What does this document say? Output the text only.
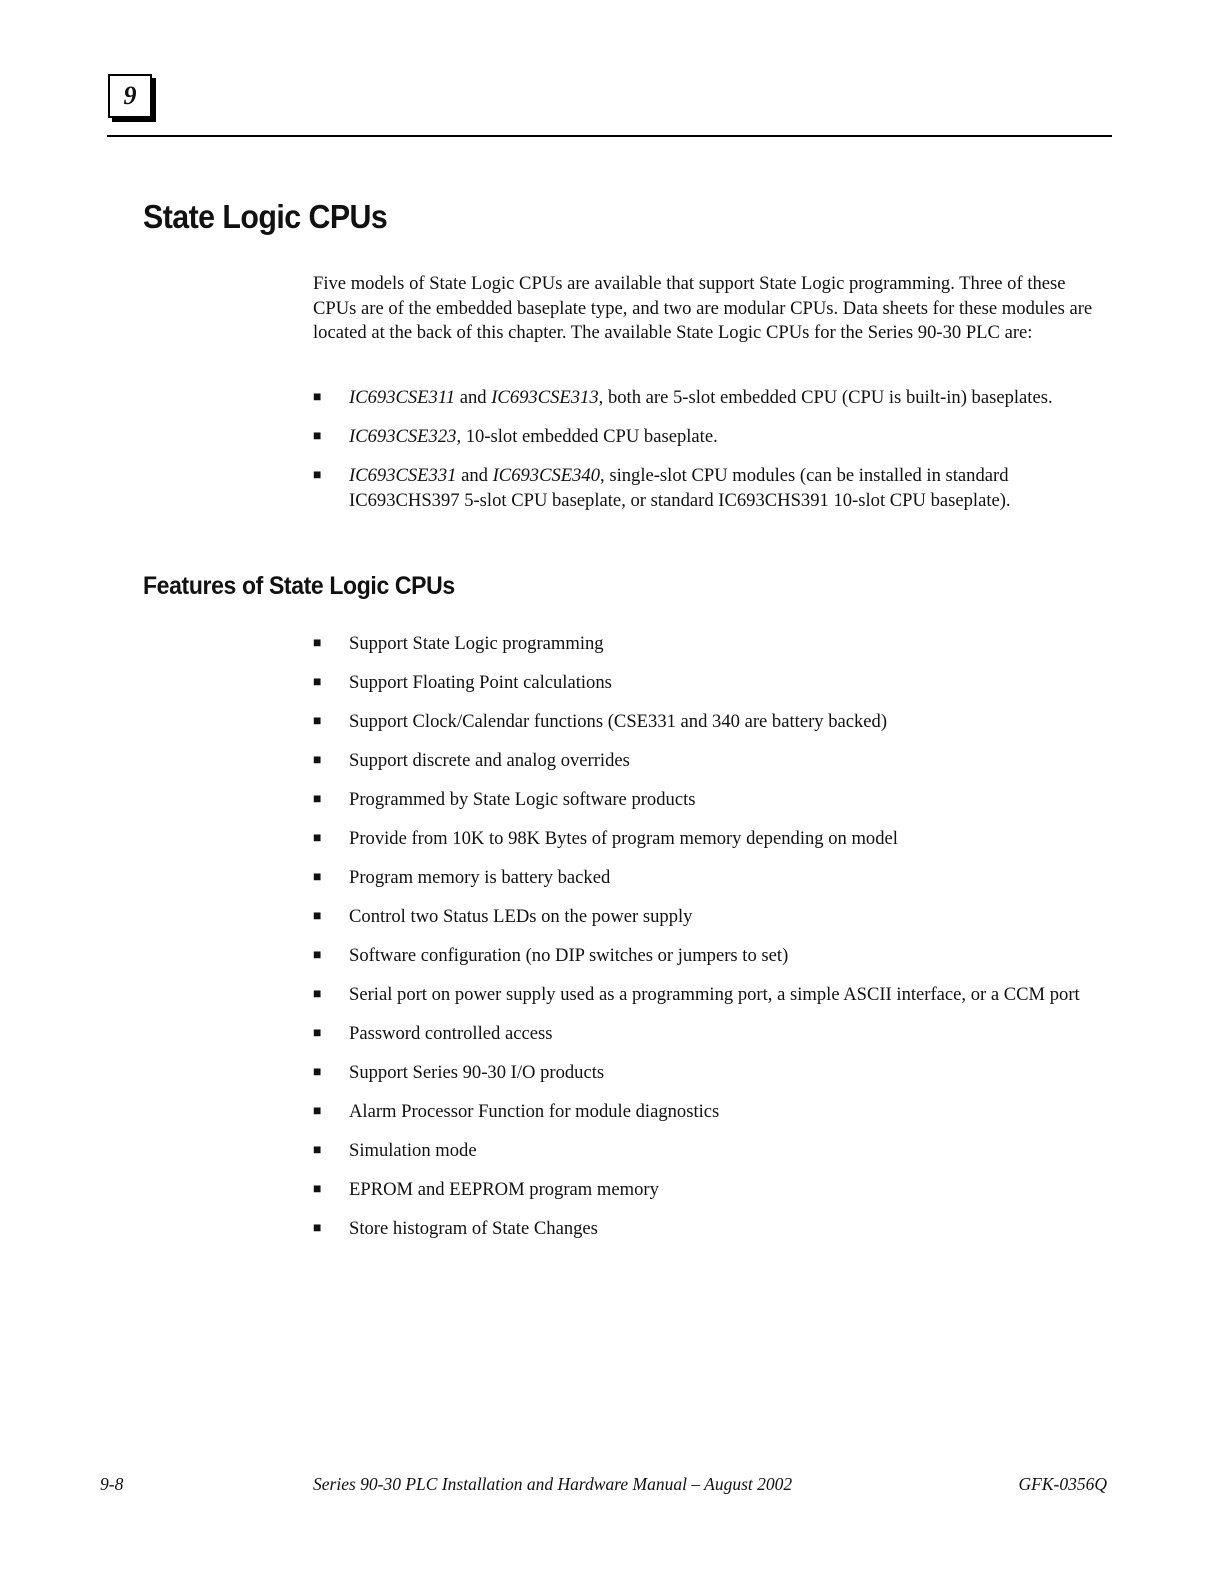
9
State Logic CPUs

Five models of State Logic CPUs are available that support State Logic programming. Three of these CPUs are of the embedded baseplate type, and two are modular CPUs. Data sheets for these modules are located at the back of this chapter. The available State Logic CPUs for the Series 90-30 PLC are:

■ IC693CSE311 and IC693CSE313, both are 5-slot embedded CPU (CPU is built-in) baseplates.
■ IC693CSE323, 10-slot embedded CPU baseplate.
■ IC693CSE331 and IC693CSE340, single-slot CPU modules (can be installed in standard IC693CHS397 5-slot CPU baseplate, or standard IC693CHS391 10-slot CPU baseplate).
Features of State Logic CPUs
■ Support State Logic programming
■ Support Floating Point calculations
■ Support Clock/Calendar functions (CSE331 and 340 are battery backed)
■ Support discrete and analog overrides
■ Programmed by State Logic software products
■ Provide from 10K to 98K Bytes of program memory depending on model
■ Program memory is battery backed
■ Control two Status LEDs on the power supply
■ Software configuration (no DIP switches or jumpers to set)
■ Serial port on power supply used as a programming port, a simple ASCII interface, or a CCM port
■ Password controlled access
■ Support Series 90-30 I/O products
■ Alarm Processor Function for module diagnostics
■ Simulation mode
■ EPROM and EEPROM program memory
■ Store histogram of State Changes
9-8	Series 90-30 PLC Installation and Hardware Manual – August 2002	GFK-0356Q
